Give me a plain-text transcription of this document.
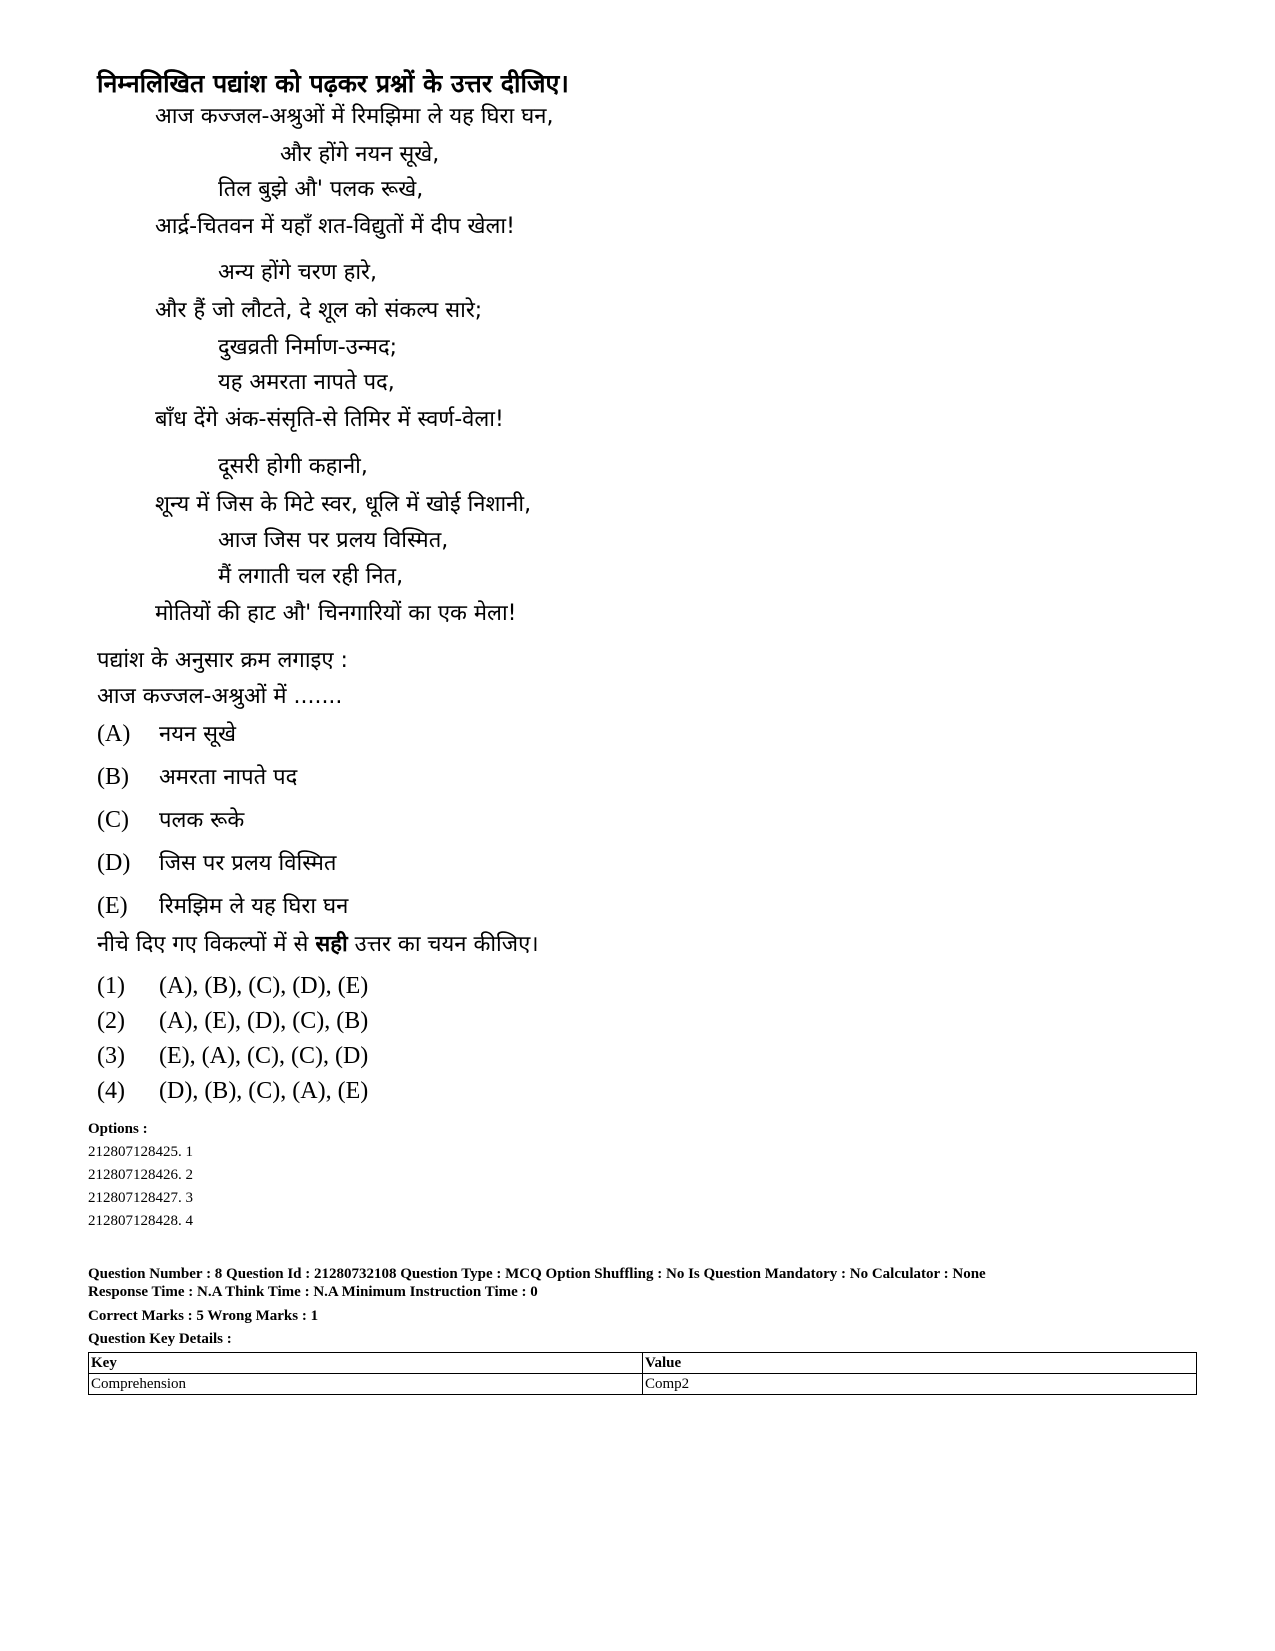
निम्नलिखित पद्यांश को पढ़कर प्रश्नों के उत्तर दीजिए।
आज कज्जल-अश्रुओं में रिमझिमा ले यह घिरा घन,
और होंगे नयन सूखे,
तिल बुझे औ' पलक रूखे,
आर्द्र-चितवन में यहाँ शत-विद्युतों में दीप खेला!
अन्य होंगे चरण हारे,
और हैं जो लौटते, दे शूल को संकल्प सारे;
दुखव्रती निर्माण-उन्मद;
यह अमरता नापते पद,
बाँध देंगे अंक-संसृति-से तिमिर में स्वर्ण-वेला!
दूसरी होगी कहानी,
शून्य में जिस के मिटे स्वर, धूलि में खोई निशानी,
आज जिस पर प्रलय विस्मित,
मैं लगाती चल रही नित,
मोतियों की हाट औ' चिनगारियों का एक मेला!
पद्यांश के अनुसार क्रम लगाइए :
आज कज्जल-अश्रुओं में .......
(A) नयन सूखे
(B) अमरता नापते पद
(C) पलक रूके
(D) जिस पर प्रलय विस्मित
(E) रिमझिम ले यह घिरा घन
नीचे दिए गए विकल्पों में से सही उत्तर का चयन कीजिए।
(1) (A), (B), (C), (D), (E)
(2) (A), (E), (D), (C), (B)
(3) (E), (A), (C), (C), (D)
(4) (D), (B), (C), (A), (E)
Options :
212807128425. 1
212807128426. 2
212807128427. 3
212807128428. 4
Question Number : 8 Question Id : 21280732108 Question Type : MCQ Option Shuffling : No Is Question Mandatory : No Calculator : None
Response Time : N.A Think Time : N.A Minimum Instruction Time : 0
Correct Marks : 5 Wrong Marks : 1
Question Key Details :
Key	Value
Comprehension	Comp2
